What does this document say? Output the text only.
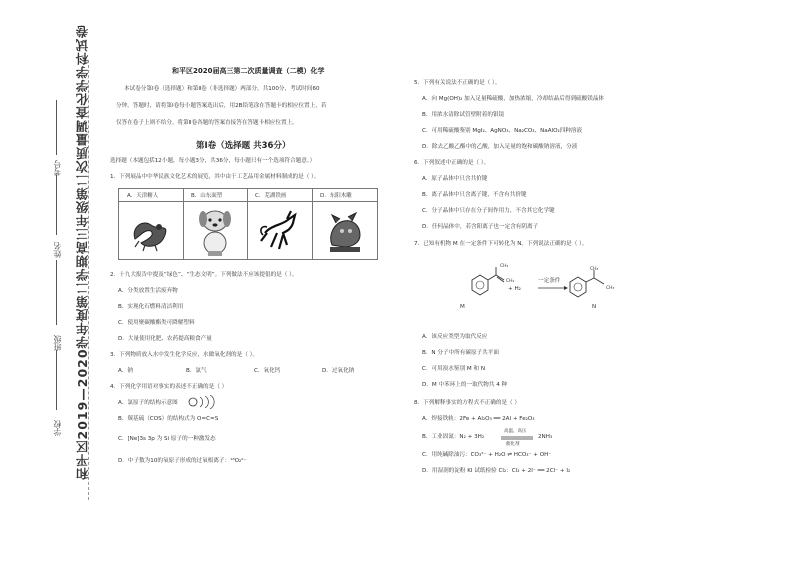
和平区2019—2020学年度第二学期高三年级第二次质量调查化学学科试卷
学校
班级
姓名
考号
和平区2020届高三第二次质量调查（二模）化学
本试卷分第Ⅰ卷（选择题）和第Ⅱ卷（非选择题）两部分，共100分，考试时间60
分钟。答题时，请将第Ⅰ卷每小题答案选出后，用2B铅笔涂在答题卡的相应位置上，若
仅答在卷子上则不给分。将第Ⅱ卷各题的答案直接答在答题卡相应位置上。
第Ⅰ卷（选择题 共36分）
选择题（本题包括12小题，每小题3分，共36分，每小题只有一个选项符合题意。）
1．下列展品中中华民族文化艺术的展览，其中由于工艺品用金属材料制成的是（ ）。
A．天津糖人	B．山东面塑	C．芜湖铁画	D．东阳木雕
2．十九大报告中提及“绿色”、“生态文明”。下列做法不应该提倡的是（ ）。
A．分类放置生活废弃物
B．实现化石燃料清洁利用
C．使用聚碳酸酯类可降解塑料
D．大量使用化肥、农药提高粮食产量
3．下列物质放入水中发生化学反应，水做氧化剂的是（ ）。
A．钠	B．氯气	C．氧化钙	D．过氧化钠
4．下列化学用语对事实的表述不正确的是（ ）
A．氯原子的结构示意图
B．羰基硫（COS）的结构式为 O=C=S
C．[Ne]3s 3p 为 Si 原子的一种激发态
D．中子数为10的氧原子形成的过氧根离子：¹⁸O₂²⁻
5．下列有关说法不正确的是（ ）。
A．向 Mg(OH)₂ 加入足量稀硫酸，加热浓缩，冷却结晶后得到硫酸镁晶体
B．用浓水清除试管壁附着的银镜
C．可用稀硫酸鉴别 MgI₂、AgNO₃、Na₂CO₃、NaAlO₂四种溶液
D．除去乙酸乙酯中的乙酸，加入足量的饱和碳酸钠溶液，分液
6．下列叙述中正确的是（ ）。
A．原子晶体中只含共价键
B．离子晶体中只含离子键，不含有共价键
C．分子晶体中只存在分子间作用力，不含其它化学键
D．任何晶体中，若含阳离子也一定含有阴离子
7．已知有机物 M 在一定条件下可转化为 N。下列说法正确的是（ ）。
M	N
+ H₂
一定条件
CH₃
CH₂
CH₃
CH₃
A．该反应类型为取代反应
B．N 分子中所有碳原子共平面
C．可用溴水鉴别 M 和 N
D．M 中苯环上的一取代物共 4 种
8．下列解释事实的方程式不正确的是（ ）
A．焊接铁轨：2Fe + Al₂O₃ ══ 2Al + Fe₂O₃
B．工业固氮：N₂ + 3H₂
高温、高压
催化剂
2NH₃
C．用纯碱除油污：CO₃²⁻ + H₂O ⇌ HCO₃⁻ + OH⁻
D．用湿润的淀粉 KI 试纸检验 Cl₂：Cl₂ + 2I⁻ ══ 2Cl⁻ + I₂
